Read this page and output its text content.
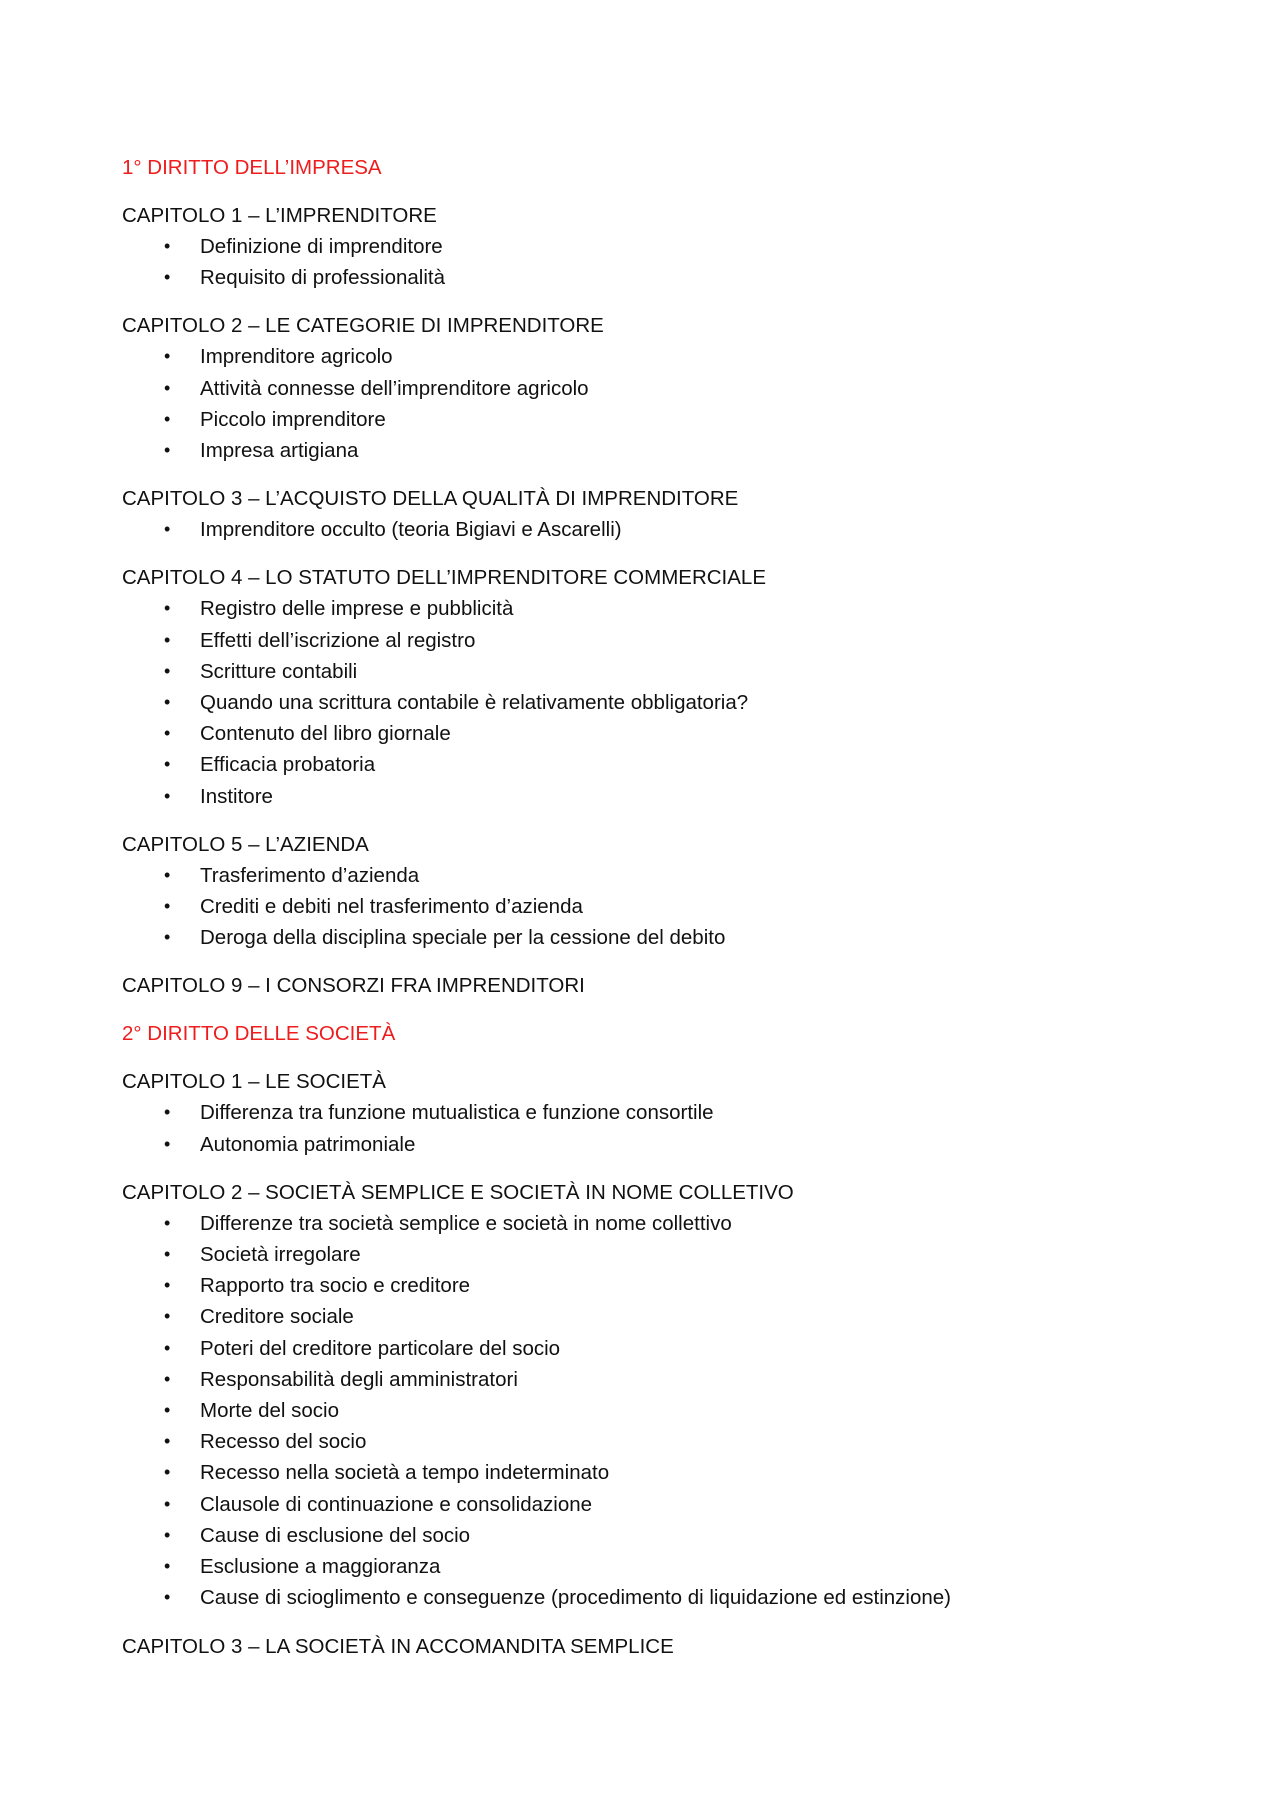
1° DIRITTO DELL’IMPRESA
CAPITOLO 1 – L’IMPRENDITORE
• Definizione di imprenditore
• Requisito di professionalità
CAPITOLO 2 – LE CATEGORIE DI IMPRENDITORE
• Imprenditore agricolo
• Attività connesse dell’imprenditore agricolo
• Piccolo imprenditore
• Impresa artigiana
CAPITOLO 3 – L’ACQUISTO DELLA QUALITÀ DI IMPRENDITORE
• Imprenditore occulto (teoria Bigiavi e Ascarelli)
CAPITOLO 4 – LO STATUTO DELL’IMPRENDITORE COMMERCIALE
• Registro delle imprese e pubblicità
• Effetti dell’iscrizione al registro
• Scritture contabili
• Quando una scrittura contabile è relativamente obbligatoria?
• Contenuto del libro giornale
• Efficacia probatoria
• Institore
CAPITOLO 5 – L’AZIENDA
• Trasferimento d’azienda
• Crediti e debiti nel trasferimento d’azienda
• Deroga della disciplina speciale per la cessione del debito
CAPITOLO 9 – I CONSORZI FRA IMPRENDITORI
2° DIRITTO DELLE SOCIETÀ
CAPITOLO 1 – LE SOCIETÀ
• Differenza tra funzione mutualistica e funzione consortile
• Autonomia patrimoniale
CAPITOLO 2 – SOCIETÀ SEMPLICE E SOCIETÀ IN NOME COLLETIVO
• Differenze tra società semplice e società in nome collettivo
• Società irregolare
• Rapporto tra socio e creditore
• Creditore sociale
• Poteri del creditore particolare del socio
• Responsabilità degli amministratori
• Morte del socio
• Recesso del socio
• Recesso nella società a tempo indeterminato
• Clausole di continuazione e consolidazione
• Cause di esclusione del socio
• Esclusione a maggioranza
• Cause di scioglimento e conseguenze (procedimento di liquidazione ed estinzione)
CAPITOLO 3 – LA SOCIETÀ IN ACCOMANDITA SEMPLICE
